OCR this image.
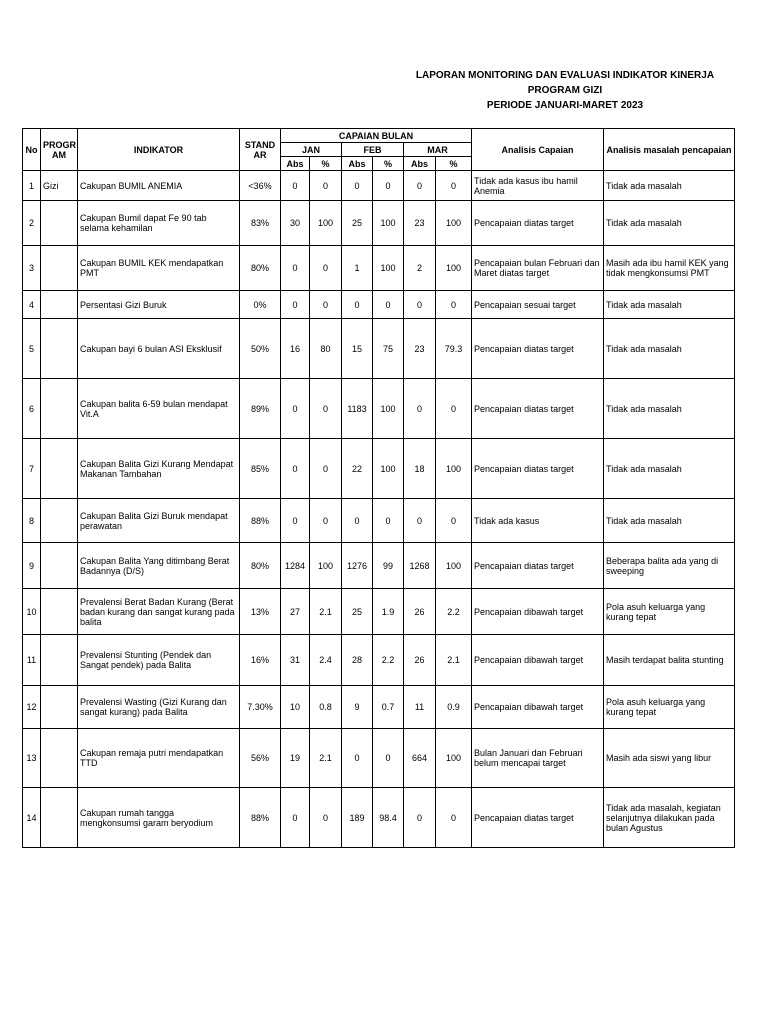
LAPORAN MONITORING DAN EVALUASI INDIKATOR KINERJA
PROGRAM GIZI
PERIODE JANUARI-MARET 2023
No	PROGR AM	INDIKATOR	STAND AR	CAPAIAN BULAN						Analisis Capaian	Analisis masalah pencapaian
				JAN		FEB		MAR			
				Abs	%	Abs	%	Abs	%		
1	Gizi	Cakupan BUMIL ANEMIA	<36%	0	0	0	0	0	0	Tidak ada kasus ibu hamil Anemia	Tidak ada masalah
2		Cakupan Bumil dapat Fe 90 tab selama kehamilan	83%	30	100	25	100	23	100	Pencapaian diatas target	Tidak ada masalah
3		Cakupan BUMIL KEK mendapatkan PMT	80%	0	0	1	100	2	100	Pencapaian bulan Februari dan Maret diatas target	Masih ada ibu hamil KEK yang tidak mengkonsumsi PMT
4		Persentasi Gizi Buruk	0%	0	0	0	0	0	0	Pencapaian sesuai target	Tidak ada masalah
5		Cakupan bayi 6 bulan ASI Eksklusif	50%	16	80	15	75	23	79.3	Pencapaian diatas target	Tidak ada masalah
6		Cakupan balita 6-59 bulan mendapat Vit.A	89%	0	0	1183	100	0	0	Pencapaian diatas target	Tidak ada masalah
7		Cakupan Balita Gizi Kurang Mendapat Makanan Tambahan	85%	0	0	22	100	18	100	Pencapaian diatas target	Tidak ada masalah
8		Cakupan Balita Gizi Buruk mendapat perawatan	88%	0	0	0	0	0	0	Tidak ada kasus	Tidak ada masalah
9		Cakupan Balita Yang ditimbang Berat Badannya (D/S)	80%	1284	100	1276	99	1268	100	Pencapaian diatas target	Beberapa balita ada yang di sweeping
10		Prevalensi Berat Badan Kurang (Berat badan kurang dan sangat kurang pada balita	13%	27	2.1	25	1.9	26	2.2	Pencapaian dibawah target	Pola asuh keluarga yang kurang tepat
11		Prevalensi Stunting (Pendek dan Sangat pendek) pada Balita	16%	31	2.4	28	2.2	26	2.1	Pencapaian dibawah target	Masih terdapat balita stunting
12		Prevalensi Wasting (Gizi Kurang dan sangat kurang) pada Balita	7.30%	10	0.8	9	0.7	11	0.9	Pencapaian dibawah target	Pola asuh keluarga yang kurang tepat
13		Cakupan remaja putri mendapatkan TTD	56%	19	2.1	0	0	664	100	Bulan Januari dan Februari belum mencapai target	Masih ada siswi yang libur
14		Cakupan rumah tangga mengkonsumsi garam beryodium	88%	0	0	189	98.4	0	0	Pencapaian diatas target	Tidak ada masalah, kegiatan selanjutnya dilakukan pada bulan Agustus
